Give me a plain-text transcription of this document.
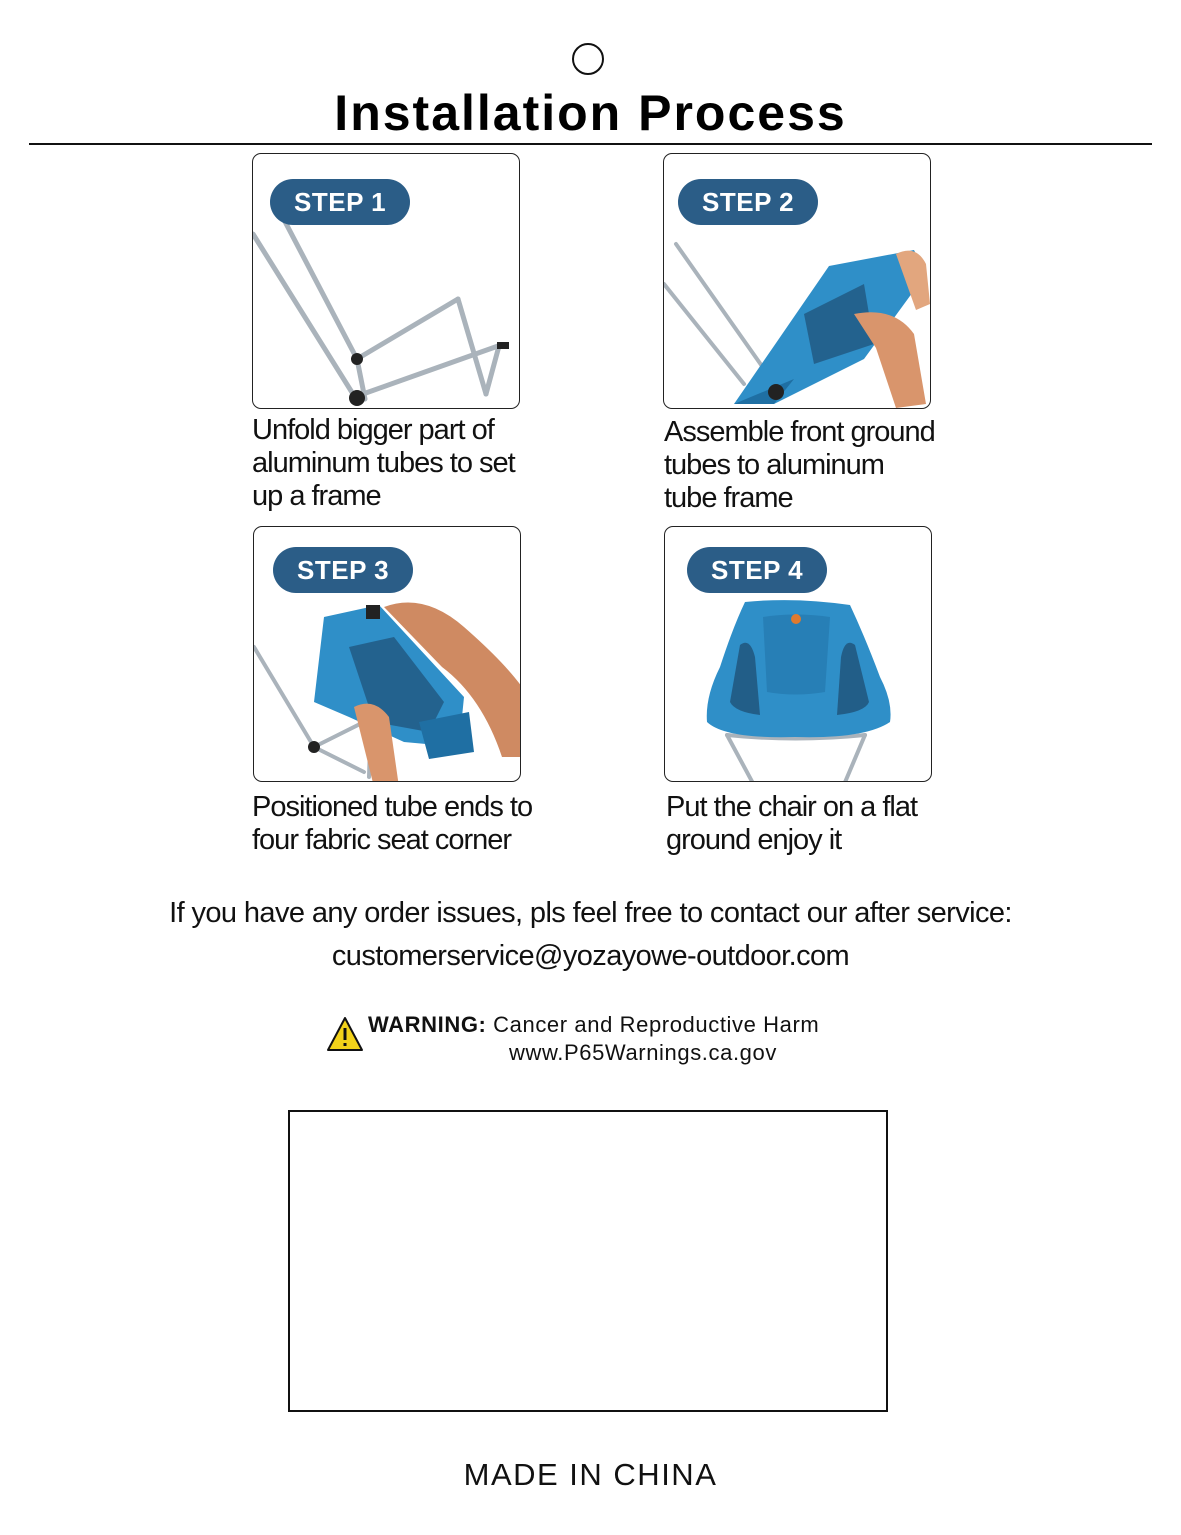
Installation Process
STEP 1
Unfold bigger part of
aluminum tubes to set
up a frame
STEP 2
Assemble front ground
tubes to aluminum
tube frame
STEP 3
Positioned tube ends to
four fabric seat corner
STEP 4
Put the chair on a flat
ground enjoy it
If you have any order issues, pls feel free to contact our after service:
customerservice@yozayowe-outdoor.com
WARNING: Cancer and Reproductive Harm
www.P65Warnings.ca.gov
MADE IN CHINA
